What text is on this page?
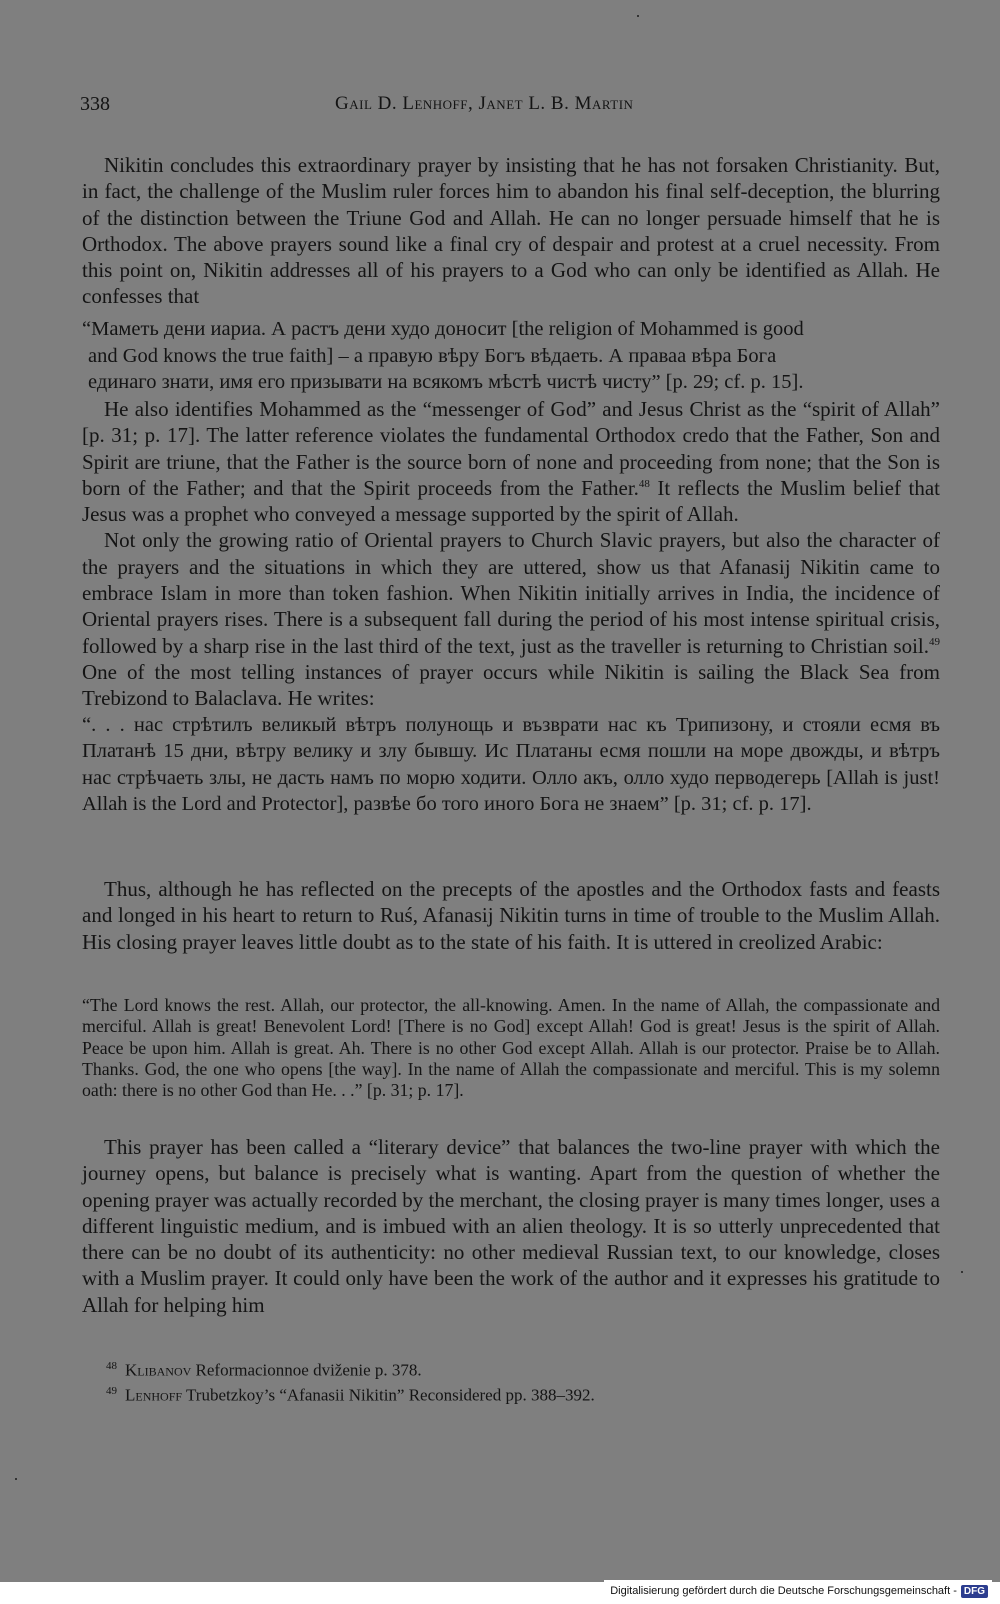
338	Gail D. Lenhoff, Janet L. B. Martin

Nikitin concludes this extraordinary prayer by insisting that he has not forsaken Christianity. But, in fact, the challenge of the Muslim ruler forces him to abandon his final self-deception, the blurring of the distinction between the Triune God and Allah. He can no longer persuade himself that he is Orthodox. The above prayers sound like a final cry of despair and protest at a cruel necessity. From this point on, Nikitin addresses all of his prayers to a God who can only be identified as Allah. He confesses that

“Маметь дени иариа. А растъ дени худо доносит [the religion of Mohammed is good

and God knows the true faith] – а правую вѣру Богъ вѣдаеть. А праваа вѣра Бога

единаго знати, имя его призывати на всякомъ мѣстѣ чистѣ чисту” [p. 29; cf. p. 15].

He also identifies Mohammed as the “messenger of God” and Jesus Christ as the “spirit of Allah” [p. 31; p. 17]. The latter reference violates the fundamental Orthodox credo that the Father, Son and Spirit are triune, that the Father is the source born of none and proceeding from none; that the Son is born of the Father; and that the Spirit proceeds from the Father.$^{48}$ It reflects the Muslim belief that Jesus was a prophet who conveyed a message supported by the spirit of Allah.

Not only the growing ratio of Oriental prayers to Church Slavic prayers, but also the character of the prayers and the situations in which they are uttered, show us that Afanasij Nikitin came to embrace Islam in more than token fashion. When Nikitin initially arrives in India, the incidence of Oriental prayers rises. There is a subsequent fall during the period of his most intense spiritual crisis, followed by a sharp rise in the last third of the text, just as the traveller is returning to Christian soil.$^{49}$ One of the most telling instances of prayer occurs while Nikitin is sailing the Black Sea from Trebizond to Balaclava. He writes:

“. . . нас стрѣтилъ великый вѣтръ полунощь и възврати нас къ Трипизону, и стояли есмя въ Платанѣ 15 дни, вѣтру велику и злу бывшу. Ис Платаны есмя пошли на море двожды, и вѣтръ нас стрѣчаеть злы, не дасть намъ по морю ходити. Олло акъ, олло худо перводегерь [Allah is just! Allah is the Lord and Protector], развѣе бо того иного Бога не знаем” [p. 31; cf. p. 17].

Thus, although he has reflected on the precepts of the apostles and the Orthodox fasts and feasts and longed in his heart to return to Ruś, Afanasij Nikitin turns in time of trouble to the Muslim Allah. His closing prayer leaves little doubt as to the state of his faith. It is uttered in creolized Arabic:

“The Lord knows the rest. Allah, our protector, the all-knowing. Amen. In the name of Allah, the compassionate and merciful. Allah is great! Benevolent Lord! [There is no God] except Allah! God is great! Jesus is the spirit of Allah. Peace be upon him. Allah is great. Ah. There is no other God except Allah. Allah is our protector. Praise be to Allah. Thanks. God, the one who opens [the way]. In the name of Allah the compassionate and merciful. This is my solemn oath: there is no other God than He. . .” [p. 31; p. 17].

This prayer has been called a “literary device” that balances the two-line prayer with which the journey opens, but balance is precisely what is wanting. Apart from the question of whether the opening prayer was actually recorded by the merchant, the closing prayer is many times longer, uses a different linguistic medium, and is imbued with an alien theology. It is so utterly unprecedented that there can be no doubt of its authenticity: no other medieval Russian text, to our knowledge, closes with a Muslim prayer. It could only have been the work of the author and it expresses his gratitude to Allah for helping him

$^{48}$ Klibanov Reformacionnoe dviženie p. 378.
$^{49}$ Lenhoff Trubetzkoy’s “Afanasii Nikitin” Reconsidered pp. 388–392.
Digitalisierung gefördert durch die Deutsche Forschungsgemeinschaft - DFG
